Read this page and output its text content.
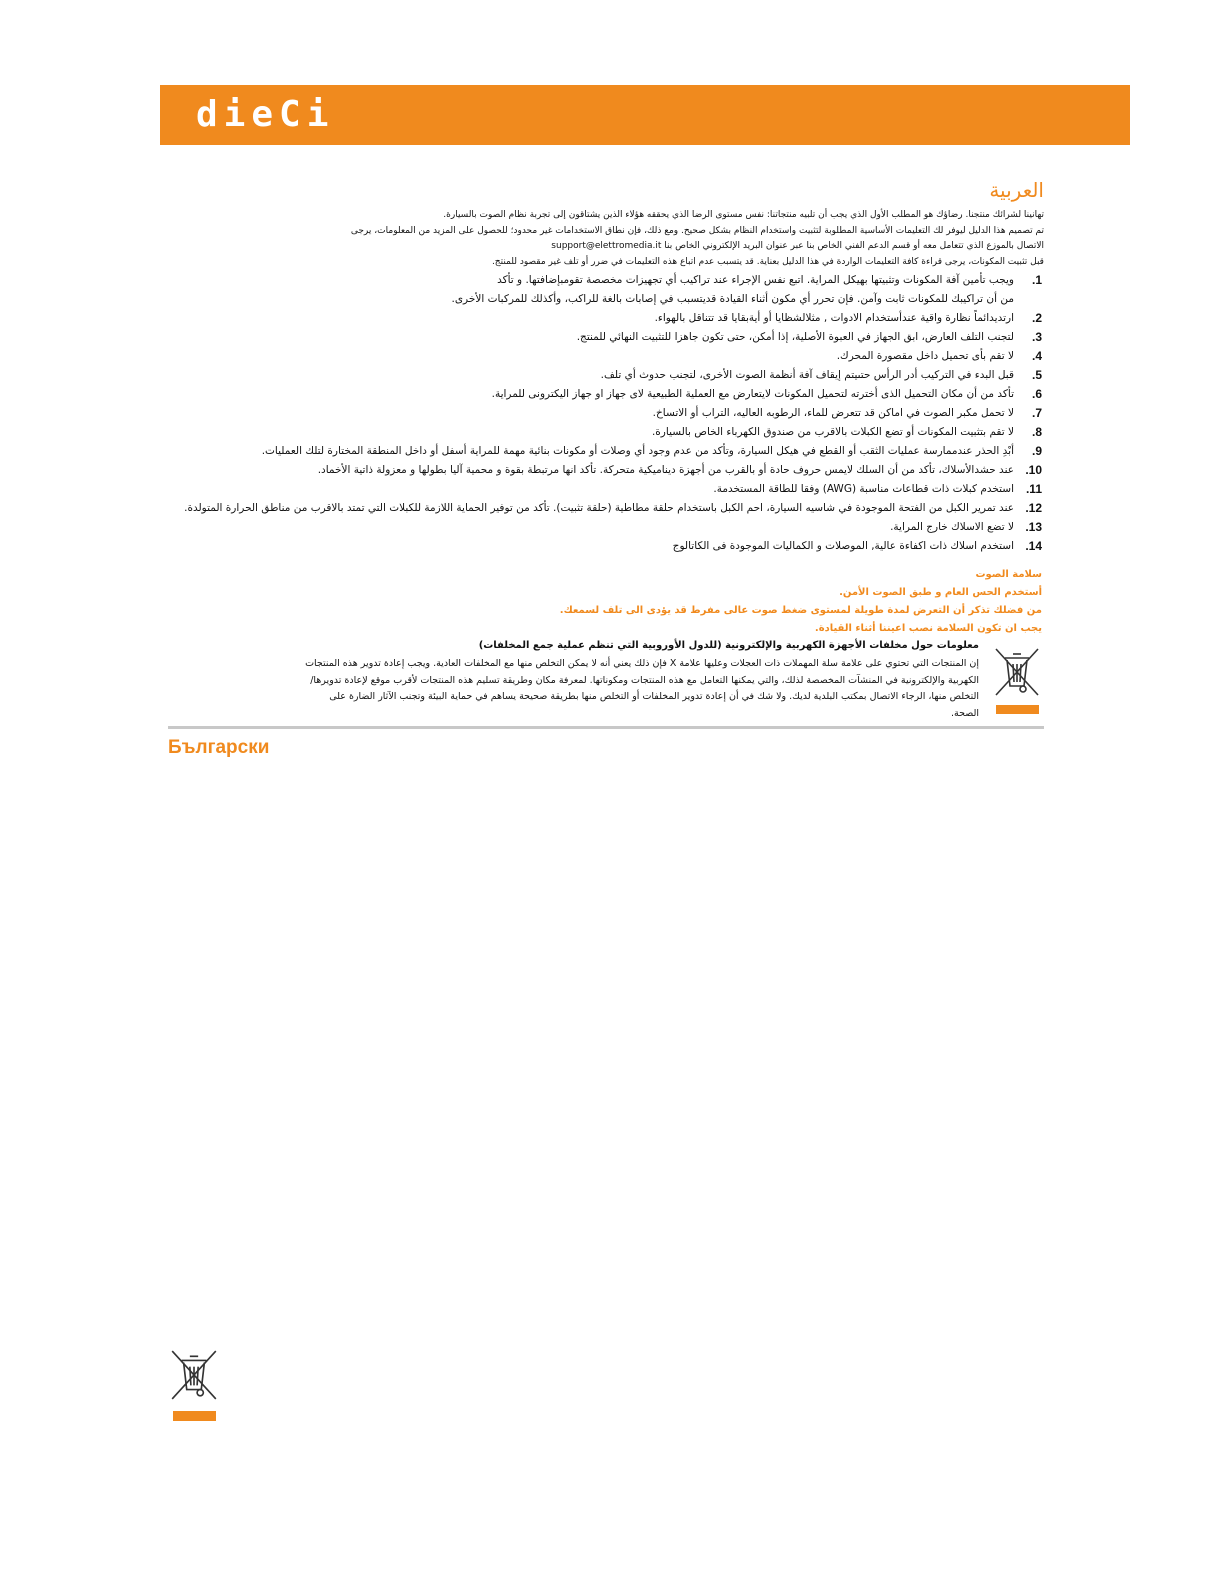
dieCi
العربية
تهانينا لشرائك منتجنا. رضاؤك هو المطلب الأول الذي يجب أن تلبيه منتجاتنا: نفس مستوى الرضا الذي يحققه هؤلاء الذين يشتاقون إلى تجربة نظام الصوت بالسيارة.
تم تصميم هذا الدليل ليوفر لك التعليمات الأساسية المطلوبة لتثبيت واستخدام النظام بشكل صحيح. ومع ذلك، فإن نطاق الاستخدامات غير محدود؛ للحصول على المزيد من المعلومات، يرجى
الاتصال بالموزع الذي تتعامل معه أو قسم الدعم الفني الخاص بنا عبر عنوان البريد الإلكتروني الخاص بنا support@elettromedia.it
قبل تثبيت المكونات، يرجى قراءة كافة التعليمات الواردة في هذا الدليل بعناية. قد يتسبب عدم اتباع هذه التعليمات في ضرر أو تلف غير مقصود للمنتج.
.1
ويجب تأمين آفة المكونات وتثبيتها بهيكل المراية. اتبع نفس الإجراء عند تراكيب أي تجهيزات مخصصة تقومبإضافتها. و تأكد
من أن تراكيبك للمكونات ثابت وآمن. فإن تحرر أي مكون أثناء القيادة قديتسبب في إصابات بالغة للراكب، وأكذلك للمركبات الأخرى.
.2
ارتديدائماً نظارة واقية عندأستخدام الادوات , مثلالشظايا أو أيةبقايا قد تتناقل بالهواء.
.3
لتجنب التلف العارض، ابق الجهاز في العبوة الأصلية، إذا أمكن، حتى تكون جاهزا للتثبيت النهائي للمنتج.
.4
لا تقم بأى تحميل داخل مقصورة المحرك.
.5
قبل البدء في التركيب أدر الرأس حتىيتم إيقاف آفة أنظمة الصوت الأخرى، لتجنب حدوث أي تلف.
.6
تأكد من أن مكان التحميل الذى أخترته لتحميل المكونات لايتعارض مع العملية الطبيعية لاى جهاز او جهاز اليكترونى للمراية.
.7
لا تحمل مكبر الصوت في اماكن قد تتعرض للماء، الرطوبه العاليه، التراب أو الاتساخ.
.8
لا تقم بتثبيت المكونات أو تضع الكبلات بالاقرب من صندوق الكهرباء الخاص بالسيارة.
.9
أبْدِ الحذر عندممارسة عمليات الثقب أو القطع في هيكل السيارة، وتأكد من عدم وجود أي وصلات أو مكونات بنائية مهمة للمراية أسفل أو داخل المنطقة المختارة لتلك العمليات.
.10
عند حشدالأسلاك، تأكد من أن السلك لايمس حروف حادة أو بالقرب من أجهزة ديناميكية متحركة. تأكد انها مرتبطة بقوة و محمية آليا بطولها و معزولة ذاتية الأخماد.
.11
استخدم كبلات ذات قطاعات مناسبة (AWG) وفقا للطاقة المستخدمة.
.12
عند تمرير الكبل من الفتحة الموجودة في شاسيه السيارة، احم الكبل باستخدام حلقة مطاطية (حلقة تثبيت). تأكد من توفير الحماية اللازمة للكبلات التي تمتد بالاقرب من مناطق الحرارة المتولدة.
.13
لا تضع الاسلاك خارج المراية.
.14
استخدم اسلاك ذات اكفاءة عالية, الموصلات و الكماليات الموجودة فى الكاتالوج
سلامة الصوت
أستخدم الحس العام و طبق الصوت الأمن.
من فضلك تذكر أن التعرض لمدة طويلة لمستوى ضغط صوت عالى مفرط قد يؤدى الى تلف لسمعك.
يجب ان تكون السلامة نصب اعيننا أثناء القيادة.
معلومات حول مخلفات الأجهزة الكهربية والإلكترونية (للدول الأوروبية التي تنظم عملية جمع المخلفات)
إن المنتجات التي تحتوي على علامة سلة المهملات ذات العجلات وعليها علامة X فإن ذلك يعني أنه لا يمكن التخلص منها مع المخلفات العادية. ويجب إعادة تدوير هذه المنتجات
الكهربية والإلكترونية في المنشآت المخصصة لذلك، والتي يمكنها التعامل مع هذه المنتجات ومكوناتها. لمعرفة مكان وطريقة تسليم هذه المنتجات لأقرب موقع لإعادة تدويرها/
التخلص منها، الرجاء الاتصال بمكتب البلدية لديك. ولا شك في أن إعادة تدوير المخلفات أو التخلص منها بطريقة صحيحة يساهم في حماية البيئة وتجنب الآثار الضارة على
الصحة.
Български
